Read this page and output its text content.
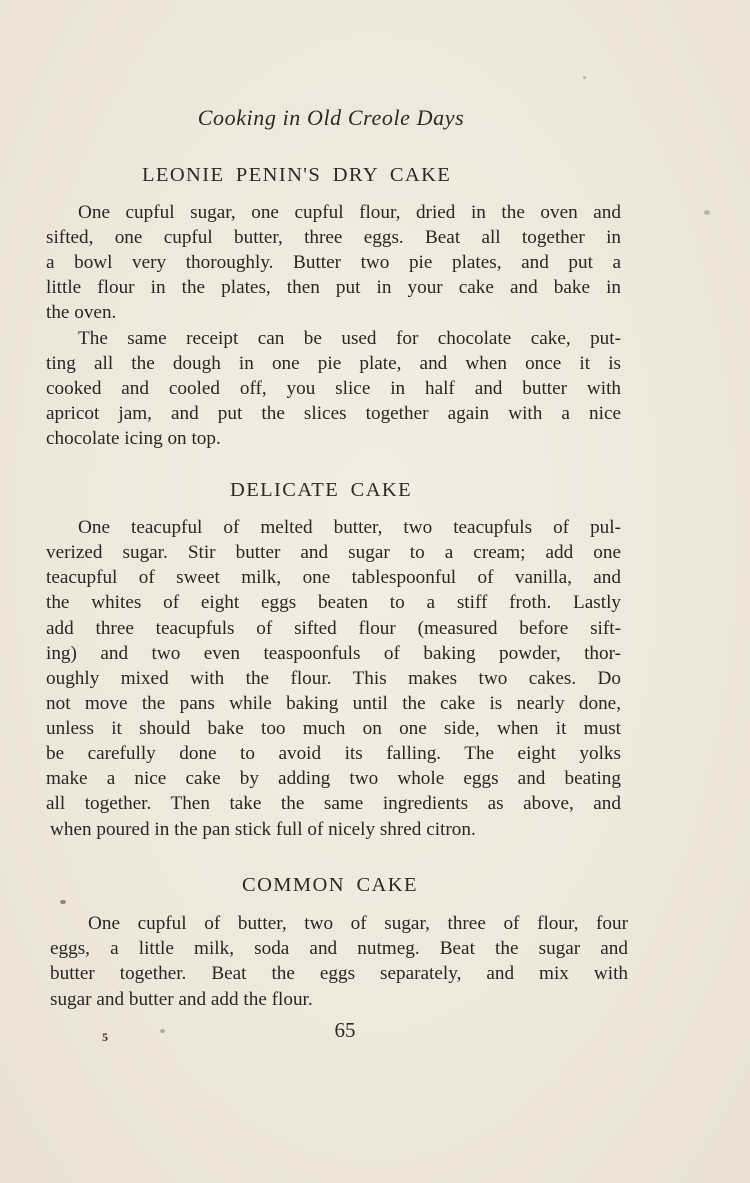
Cooking in Old Creole Days
LEONIE PENIN'S DRY CAKE
One cupful sugar, one cupful flour, dried in the oven and
sifted, one cupful butter, three eggs. Beat all together in
a bowl very thoroughly. Butter two pie plates, and put a
little flour in the plates, then put in your cake and bake in
the oven.
The same receipt can be used for chocolate cake, put-
ting all the dough in one pie plate, and when once it is
cooked and cooled off, you slice in half and butter with
apricot jam, and put the slices together again with a nice
chocolate icing on top.
DELICATE CAKE
One teacupful of melted butter, two teacupfuls of pul-
verized sugar. Stir butter and sugar to a cream; add one
teacupful of sweet milk, one tablespoonful of vanilla, and
the whites of eight eggs beaten to a stiff froth. Lastly
add three teacupfuls of sifted flour (measured before sift-
ing) and two even teaspoonfuls of baking powder, thor-
oughly mixed with the flour. This makes two cakes. Do
not move the pans while baking until the cake is nearly done,
unless it should bake too much on one side, when it must
be carefully done to avoid its falling. The eight yolks
make a nice cake by adding two whole eggs and beating
all together. Then take the same ingredients as above, and
when poured in the pan stick full of nicely shred citron.
COMMON CAKE
One cupful of butter, two of sugar, three of flour, four
eggs, a little milk, soda and nutmeg. Beat the sugar and
butter together. Beat the eggs separately, and mix with
sugar and butter and add the flour.
65
5
